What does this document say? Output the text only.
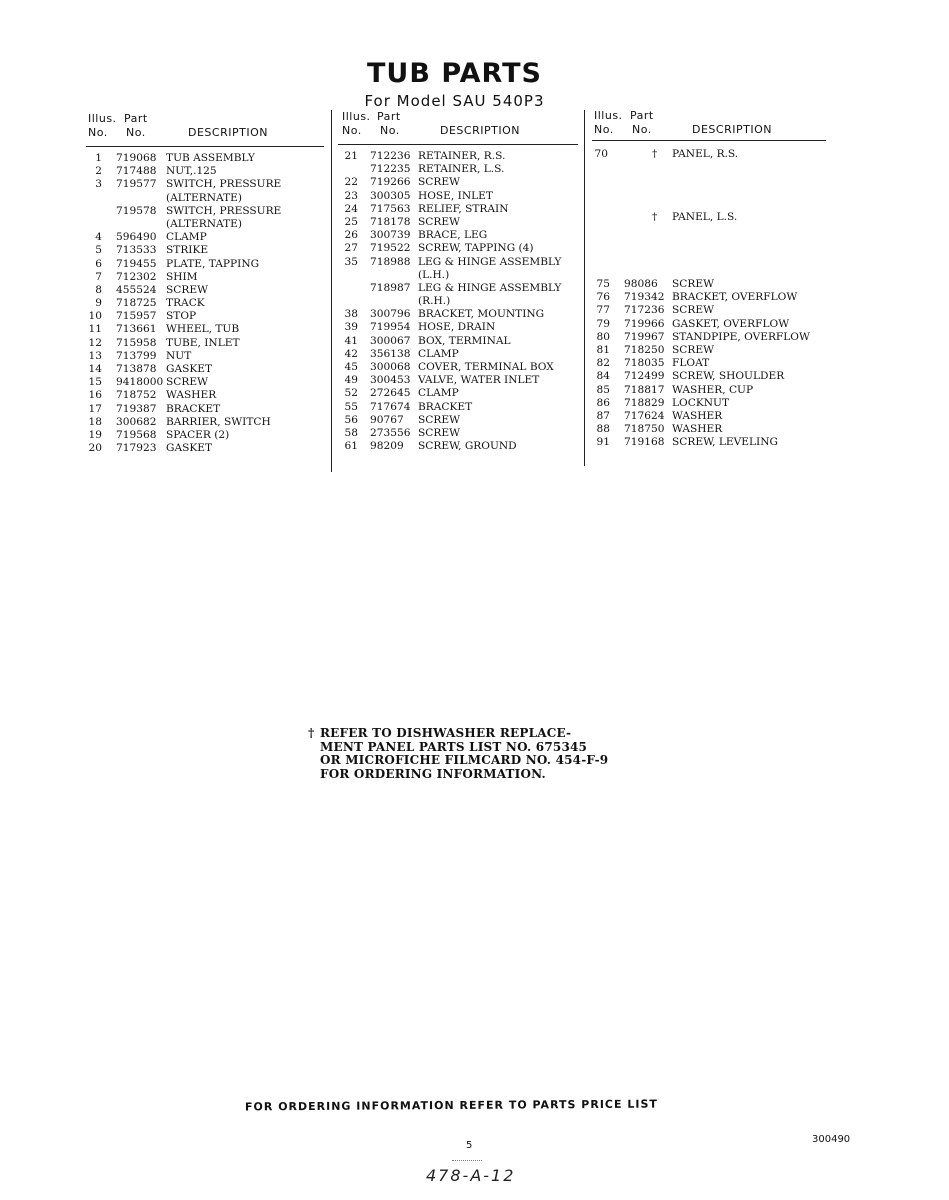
TUB PARTS
For Model SAU 540P3
Illus. Part
No. No.	DESCRIPTION
1 719068 TUB ASSEMBLY
2 717488 NUT,.125
3 719577 SWITCH, PRESSURE
(ALTERNATE)
719578 SWITCH, PRESSURE
(ALTERNATE)
4 596490 CLAMP
5 713533 STRIKE
6 719455 PLATE, TAPPING
7 712302 SHIM
8 455524 SCREW
9 718725 TRACK
10 715957 STOP
11 713661 WHEEL, TUB
12 715958 TUBE, INLET
13 713799 NUT
14 713878 GASKET
15 9418000 SCREW
16 718752 WASHER
17 719387 BRACKET
18 300682 BARRIER, SWITCH
19 719568 SPACER (2)
20 717923 GASKET
Illus. Part
No. No.	DESCRIPTION
21 712236 RETAINER, R.S.
712235 RETAINER, L.S.
22 719266 SCREW
23 300305 HOSE, INLET
24 717563 RELIEF, STRAIN
25 718178 SCREW
26 300739 BRACE, LEG
27 719522 SCREW, TAPPING (4)
35 718988 LEG & HINGE ASSEMBLY
(L.H.)
718987 LEG & HINGE ASSEMBLY
(R.H.)
38 300796 BRACKET, MOUNTING
39 719954 HOSE, DRAIN
41 300067 BOX, TERMINAL
42 356138 CLAMP
45 300068 COVER, TERMINAL BOX
49 300453 VALVE, WATER INLET
52 272645 CLAMP
55 717674 BRACKET
56 90767 SCREW
58 273556 SCREW
61 98209 SCREW, GROUND
Illus. Part
No. No.	DESCRIPTION
70	† PANEL, R.S.
† PANEL, L.S.
75 98086 SCREW
76 719342 BRACKET, OVERFLOW
77 717236 SCREW
79 719966 GASKET, OVERFLOW
80 719967 STANDPIPE, OVERFLOW
81 718250 SCREW
82 718035 FLOAT
84 712499 SCREW, SHOULDER
85 718817 WASHER, CUP
86 718829 LOCKNUT
87 717624 WASHER
88 718750 WASHER
91 719168 SCREW, LEVELING
† REFER TO DISHWASHER REPLACE-
MENT PANEL PARTS LIST NO. 675345
OR MICROFICHE FILMCARD NO. 454-F-9
FOR ORDERING INFORMATION.
FOR ORDERING INFORMATION REFER TO PARTS PRICE LIST
5
300490
478-A-12
